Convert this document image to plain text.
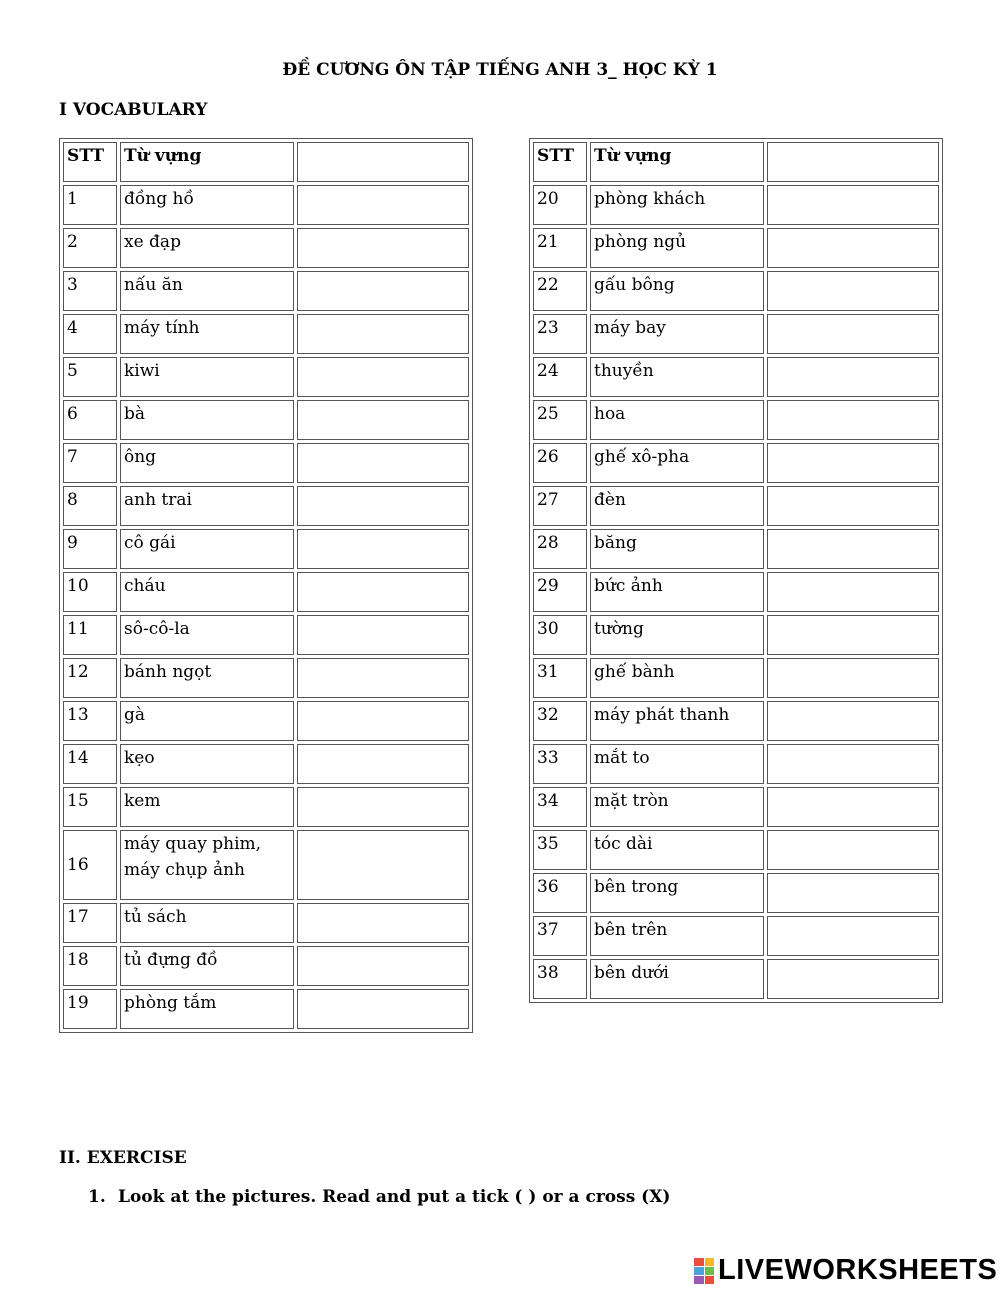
ĐỀ CƯƠNG ÔN TẬP TIẾNG ANH 3_ HỌC KỲ 1
I VOCABULARY
STT	Từ vựng	
1	đồng hồ	
2	xe đạp	
3	nấu ăn	
4	máy tính	
5	kiwi	
6	bà	
7	ông	
8	anh trai	
9	cô gái	
10	cháu	
11	sô-cô-la	
12	bánh ngọt	
13	gà	
14	kẹo	
15	kem	
16	máy quay phim, máy chụp ảnh	
17	tủ sách	
18	tủ đựng đồ	
19	phòng tắm	
STT	Từ vựng	
20	phòng khách	
21	phòng ngủ	
22	gấu bông	
23	máy bay	
24	thuyền	
25	hoa	
26	ghế xô-pha	
27	đèn	
28	băng	
29	bức ảnh	
30	tường	
31	ghế bành	
32	máy phát thanh	
33	mắt to	
34	mặt tròn	
35	tóc dài	
36	bên trong	
37	bên trên	
38	bên dưới	
II. EXERCISE
1. Look at the pictures. Read and put a tick ( ) or a cross (X)
LIVEWORKSHEETS
